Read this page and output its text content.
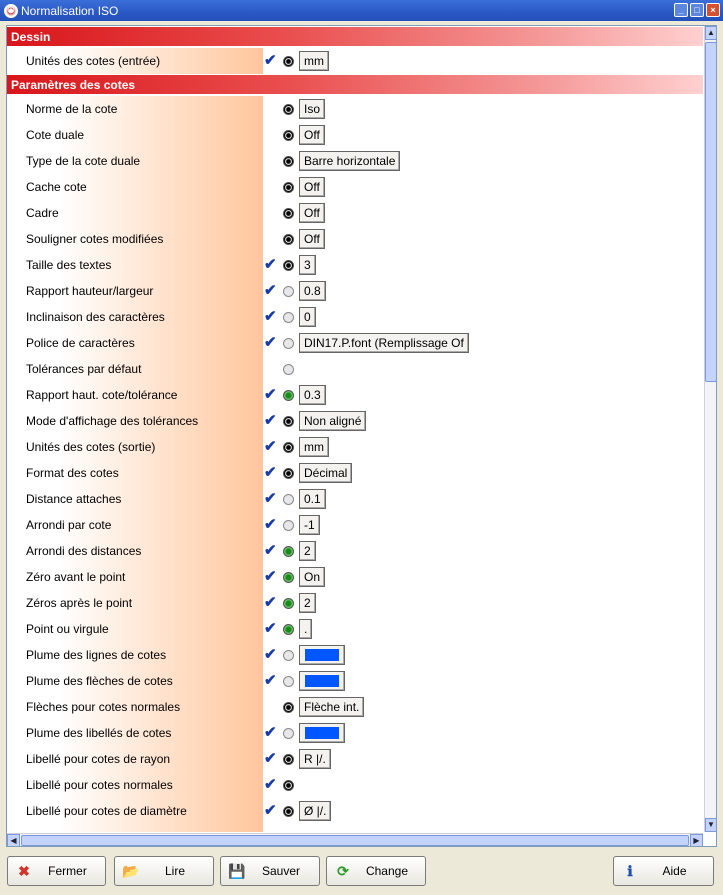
⊕ Normalisation ISO	_	□	×
Dessin
Unités des cotes (entrée)	✔	mm
Paramètres des cotes
Norme de la cote	Iso
Cote duale	Off
Type de la cote duale	Barre horizontale
Cache cote	Off
Cadre	Off
Souligner cotes modifiées	Off
Taille des textes	✔	3
Rapport hauteur/largeur	✔	0.8
Inclinaison des caractères	✔	0
Police de caractères	✔	DIN17.P.font (Remplissage Of
Tolérances par défaut
Rapport haut. cote/tolérance	✔	0.3
Mode d'affichage des tolérances	✔	Non aligné
Unités des cotes (sortie)	✔	mm
Format des cotes	✔	Décimal
Distance attaches	✔	0.1
Arrondi par cote	✔	-1
Arrondi des distances	✔	2
Zéro avant le point	✔	On
Zéros après le point	✔	2
Point ou virgule	✔	.
Plume des lignes de cotes	✔
Plume des flèches de cotes	✔
Flèches pour cotes normales	Flèche int.
Plume des libellés de cotes	✔
Libellé pour cotes de rayon	✔	R |/.
Libellé pour cotes normales	✔
Libellé pour cotes de diamètre	✔	Ø |/.
▲
▼
◀	▶
✖	Fermer	📂	Lire	💾	Sauver	⟳	Change	ℹ	Aide
